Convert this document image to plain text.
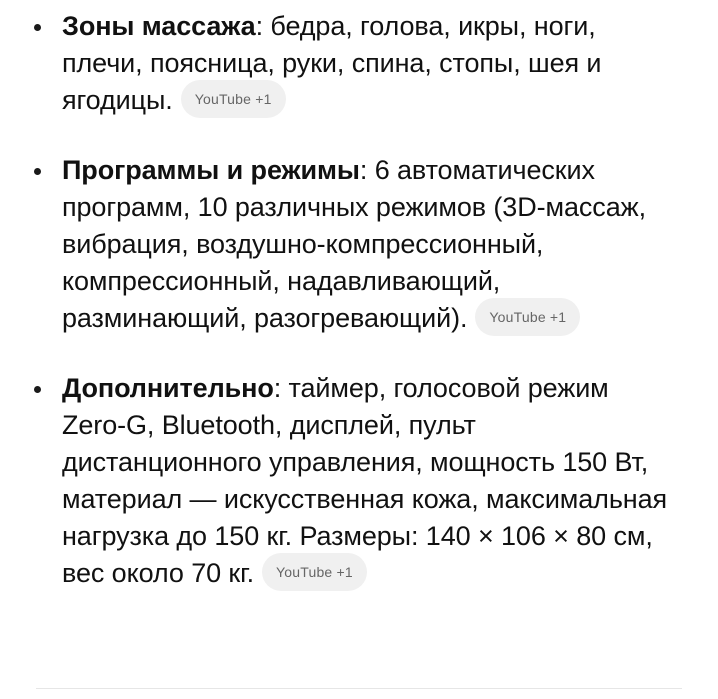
Зоны массажа: бедра, голова, икры, ноги, плечи, поясница, руки, спина, стопы, шея и ягодицы. YouTube +1
Программы и режимы: 6 автоматических программ, 10 различных режимов (3D-массаж, вибрация, воздушно-компрессионный, компрессионный, надавливающий, разминающий, разогревающий). YouTube +1
Дополнительно: таймер, голосовой режим Zero-G, Bluetooth, дисплей, пульт дистанционного управления, мощность 150 Вт, материал — искусственная кожа, максимальная нагрузка до 150 кг. Размеры: 140 × 106 × 80 см, вес около 70 кг. YouTube +1
